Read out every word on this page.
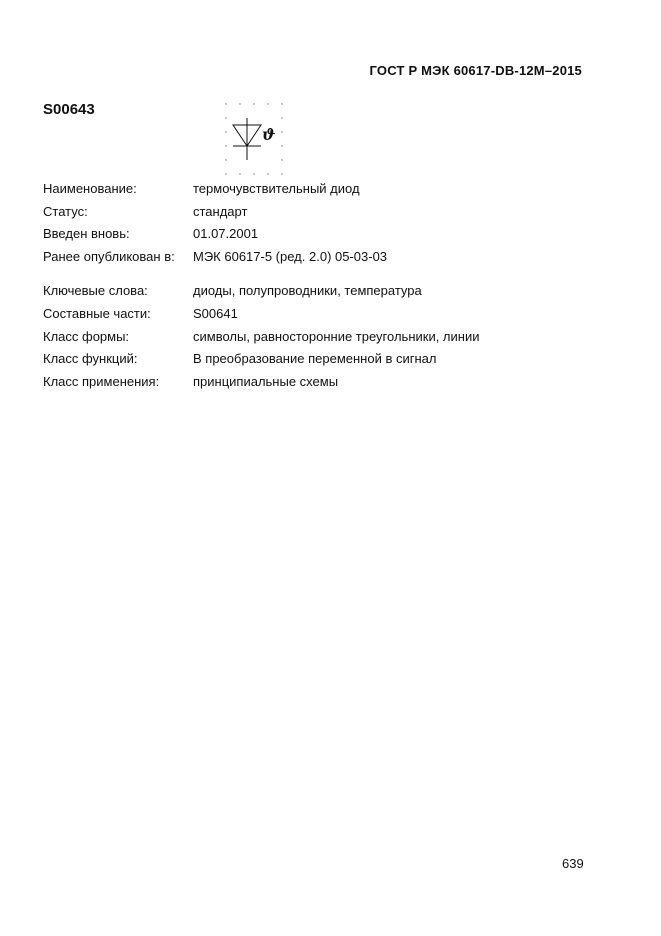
ГОСТ Р МЭК 60617-DB-12M–2015
S00643
ϑ
Наименование:	термочувствительный диод
Статус:	стандарт
Введен вновь:	01.07.2001
Ранее опубликован в:	МЭК 60617-5 (ред. 2.0) 05-03-03
Ключевые слова:	диоды, полупроводники, температура
Составные части:	S00641
Класс формы:	символы, равносторонние треугольники, линии
Класс функций:	В преобразование переменной в сигнал
Класс применения:	принципиальные схемы
639
